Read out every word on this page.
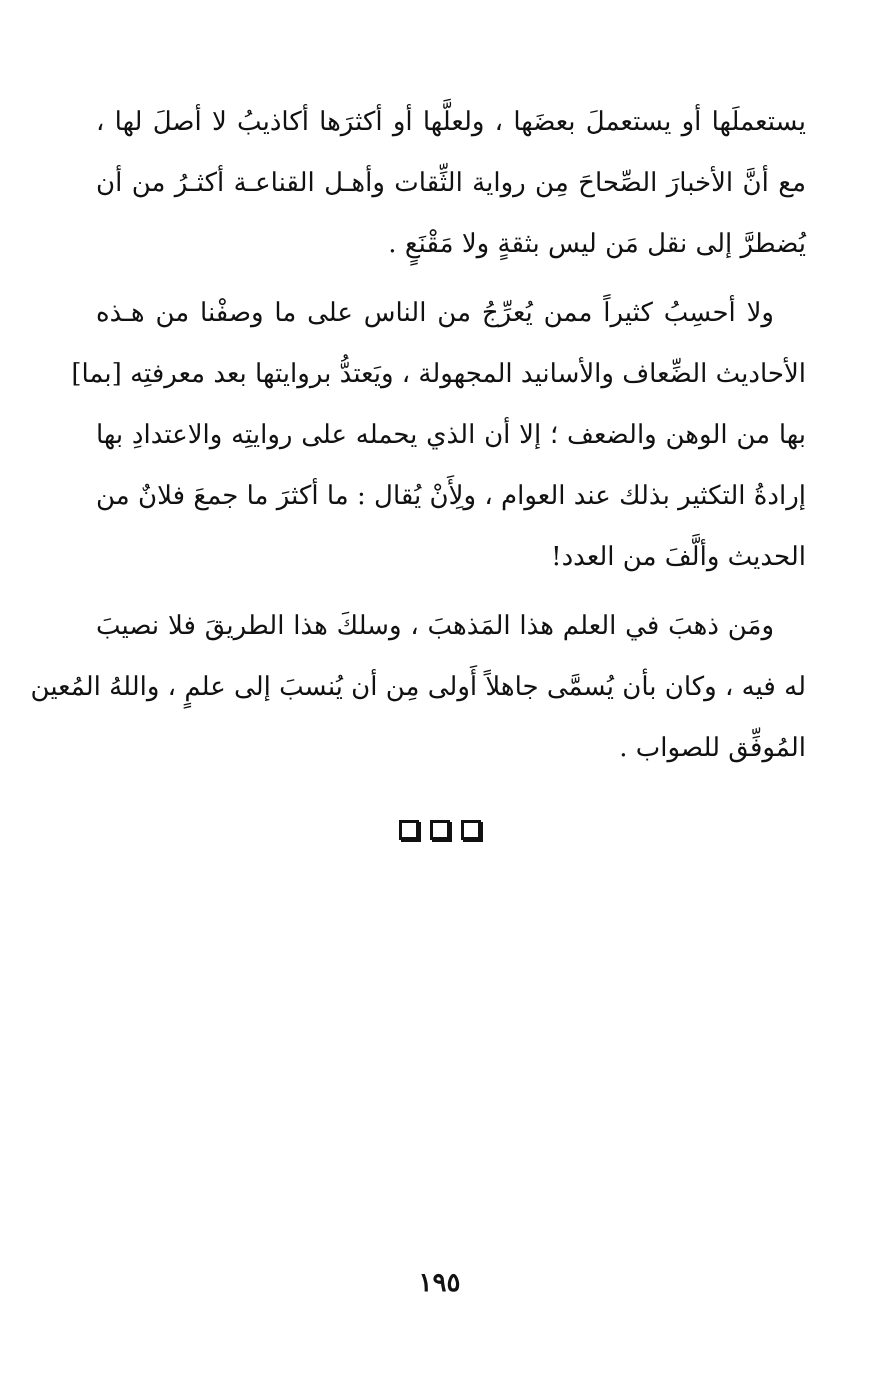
يستعملَها أو يستعملَ بعضَها ، ولعلَّها أو أكثرَها أكاذيبُ لا أصلَ لها ،
مع أنَّ الأخبارَ الصِّحاحَ مِن رواية الثِّقات وأهـل القناعـة أكثـرُ من أن
يُضطرَّ إلى نقل مَن ليس بثقةٍ ولا مَقْنَعٍ .

ولا أحسِبُ كثيراً ممن يُعرِّجُ من الناس على ما وصفْنا من هـذه
الأحاديث الضِّعاف والأسانيد المجهولة ، ويَعتدُّ بروايتها بعد معرفتِه [بما]
بها من الوهن والضعف ؛ إلا أن الذي يحمله على روايتِه والاعتدادِ بها
إرادةُ التكثير بذلك عند العوام ، ولِأَنْ يُقال : ما أكثرَ ما جمعَ فلانٌ من
الحديث وألَّفَ من العدد!

ومَن ذهبَ في العلم هذا المَذهبَ ، وسلكَ هذا الطريقَ فلا نصيبَ
له فيه ، وكان بأن يُسمَّى جاهلاً أَولى مِن أن يُنسبَ إلى علمٍ ، واللهُ المُعين
المُوفِّق للصواب .

١٩٥
